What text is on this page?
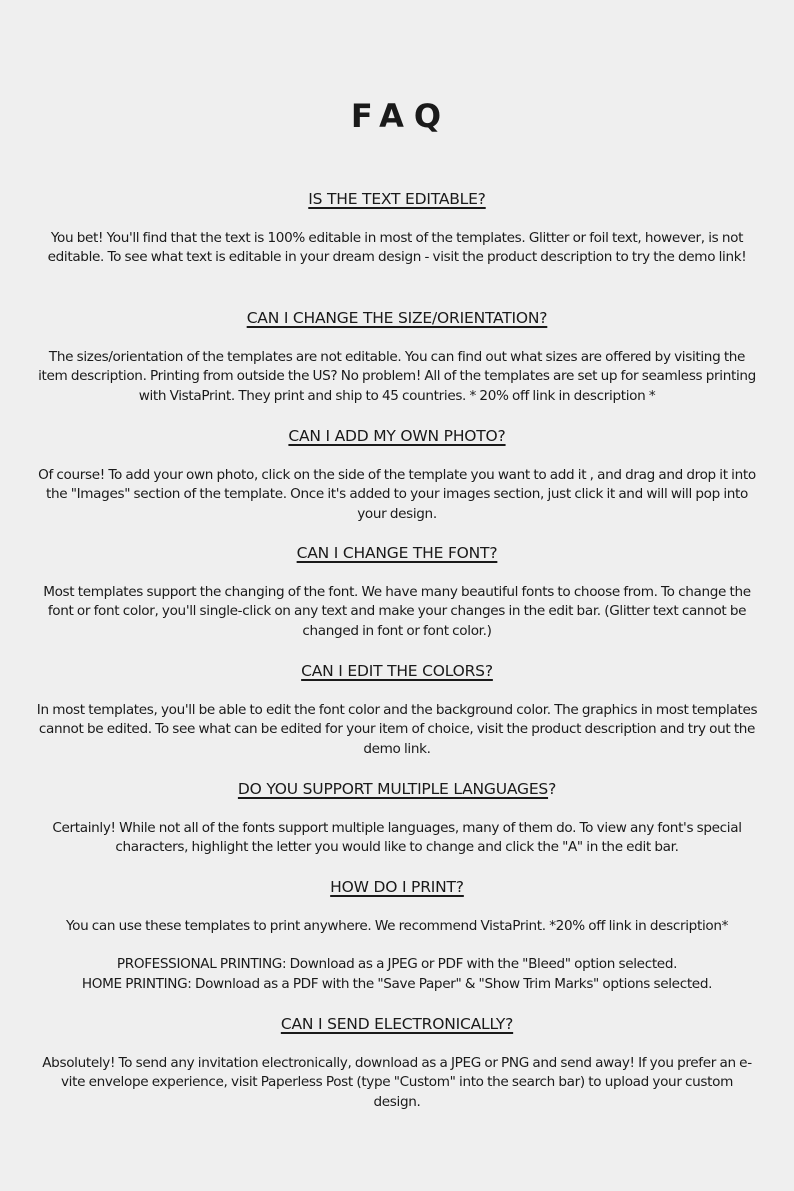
FAQ
IS THE TEXT EDITABLE?

You bet! You'll find that the text is 100% editable in most of the templates. Glitter or foil text, however, is not editable. To see what text is editable in your dream design - visit the product description to try the demo link!

CAN I CHANGE THE SIZE/ORIENTATION?

The sizes/orientation of the templates are not editable. You can find out what sizes are offered by visiting the item description. Printing from outside the US? No problem! All of the templates are set up for seamless printing with VistaPrint. They print and ship to 45 countries. * 20% off link in description *

CAN I ADD MY OWN PHOTO?

Of course! To add your own photo, click on the side of the template you want to add it , and drag and drop it into the "Images" section of the template. Once it's added to your images section, just click it and will will pop into your design.

CAN I CHANGE THE FONT?

Most templates support the changing of the font. We have many beautiful fonts to choose from. To change the font or font color, you'll single-click on any text and make your changes in the edit bar. (Glitter text cannot be changed in font or font color.)

CAN I EDIT THE COLORS?

In most templates, you'll be able to edit the font color and the background color. The graphics in most templates cannot be edited. To see what can be edited for your item of choice, visit the product description and try out the demo link.

DO YOU SUPPORT MULTIPLE LANGUAGES?

Certainly! While not all of the fonts support multiple languages, many of them do. To view any font's special characters, highlight the letter you would like to change and click the "A" in the edit bar.

HOW DO I PRINT?

You can use these templates to print anywhere. We recommend VistaPrint. *20% off link in description*

PROFESSIONAL PRINTING: Download as a JPEG or PDF with the "Bleed" option selected.

HOME PRINTING: Download as a PDF with the "Save Paper" & "Show Trim Marks" options selected.

CAN I SEND ELECTRONICALLY?

Absolutely! To send any invitation electronically, download as a JPEG or PNG and send away! If you prefer an e-vite envelope experience, visit Paperless Post (type "Custom" into the search bar) to upload your custom design.
